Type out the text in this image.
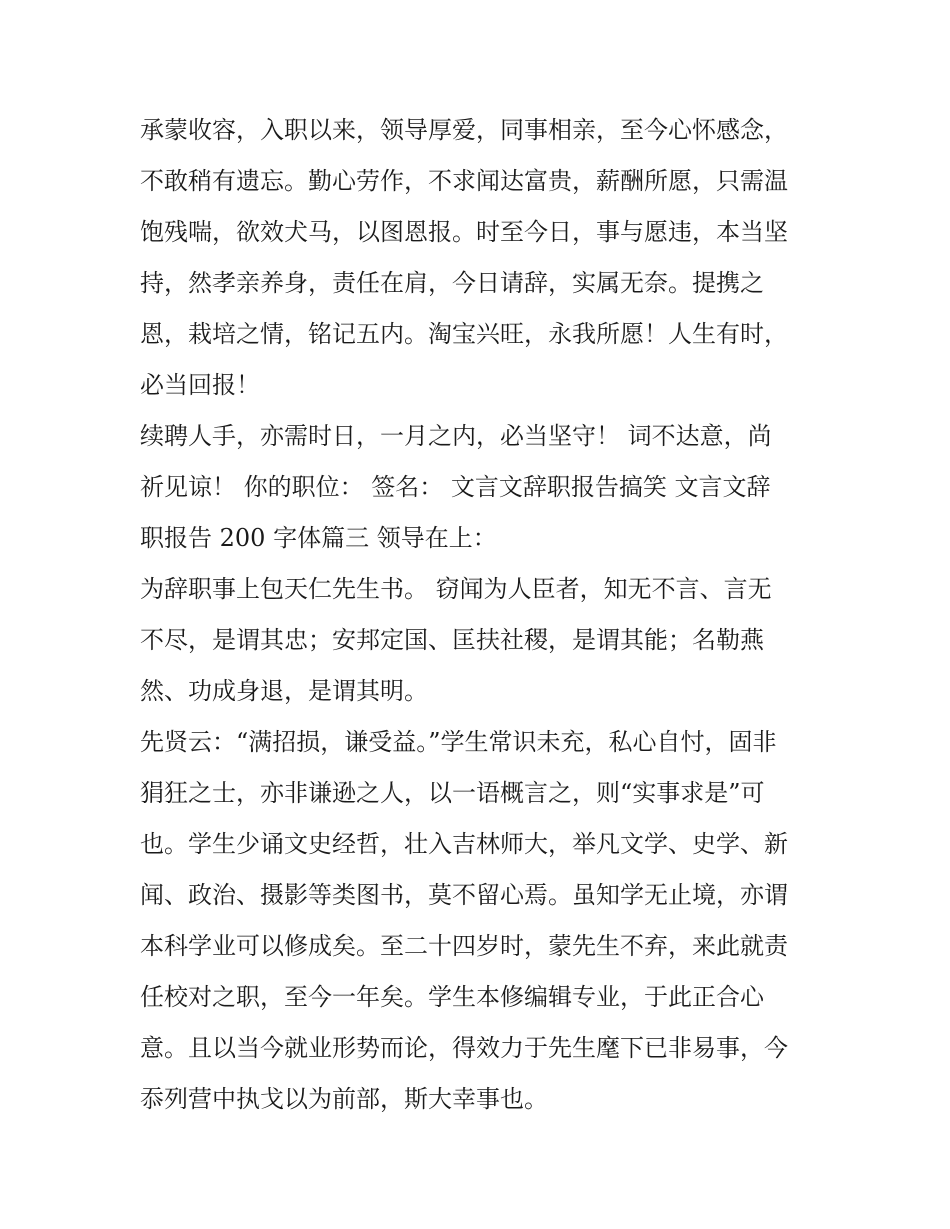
承蒙收容，入职以来，领导厚爱，同事相亲，至今心怀感念，
不敢稍有遗忘。勤心劳作，不求闻达富贵，薪酬所愿，只需温
饱残喘，欲效犬马，以图恩报。时至今日，事与愿违，本当坚
持，然孝亲养身，责任在肩，今日请辞，实属无奈。提携之
恩，栽培之情，铭记五内。淘宝兴旺，永我所愿！人生有时，
必当回报！
续聘人手，亦需时日，一月之内，必当坚守！ 词不达意，尚
祈见谅！ 你的职位： 签名： 文言文辞职报告搞笑 文言文辞
职报告 200 字体篇三 领导在上：
为辞职事上包天仁先生书。 窃闻为人臣者，知无不言、言无
不尽，是谓其忠；安邦定国、匡扶社稷，是谓其能；名勒燕
然、功成身退，是谓其明。
先贤云：“满招损，谦受益。”学生常识未充，私心自忖，固非
狷狂之士，亦非谦逊之人，以一语概言之，则“实事求是”可
也。学生少诵文史经哲，壮入吉林师大，举凡文学、史学、新
闻、政治、摄影等类图书，莫不留心焉。虽知学无止境，亦谓
本科学业可以修成矣。至二十四岁时，蒙先生不弃，来此就责
任校对之职，至今一年矣。学生本修编辑专业，于此正合心
意。且以当今就业形势而论，得效力于先生麾下已非易事，今
忝列营中执戈以为前部，斯大幸事也。
